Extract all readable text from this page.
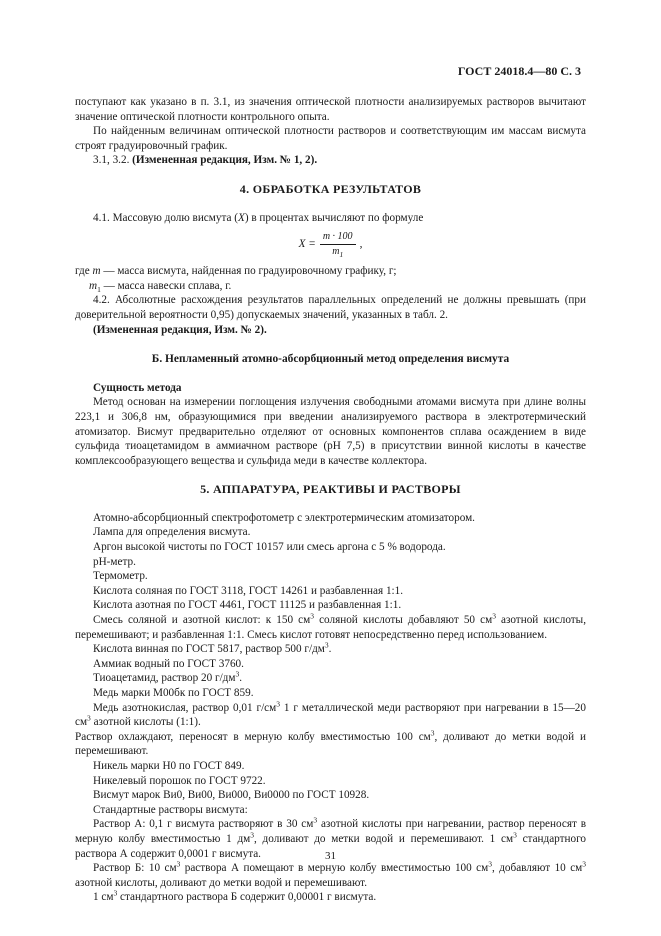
ГОСТ 24018.4—80 С. 3

поступают как указано в п. 3.1, из значения оптической плотности анализируемых растворов вычитают значение оптической плотности контрольного опыта.

По найденным величинам оптической плотности растворов и соответствующим им массам висмута строят градуировочный график.

3.1, 3.2. (Измененная редакция, Изм. № 1, 2).

4. ОБРАБОТКА РЕЗУЛЬТАТОВ

4.1. Массовую долю висмута (X) в процентах вычисляют по формуле

$X = \frac{m \cdot 100}{m_1}$ ,

где m — масса висмута, найденная по градуировочному графику, г;

$m_1$ — масса навески сплава, г.

4.2. Абсолютные расхождения результатов параллельных определений не должны превышать (при доверительной вероятности 0,95) допускаемых значений, указанных в табл. 2.

(Измененная редакция, Изм. № 2).

Б. Непламенный атомно-абсорбционный метод определения висмута

Сущность метода

Метод основан на измерении поглощения излучения свободными атомами висмута при длине волны 223,1 и 306,8 нм, образующимися при введении анализируемого раствора в электротермический атомизатор. Висмут предварительно отделяют от основных компонентов сплава осаждением в виде сульфида тиоацетамидом в аммиачном растворе (рН 7,5) в присутствии винной кислоты в качестве комплексообразующего вещества и сульфида меди в качестве коллектора.

5. АППАРАТУРА, РЕАКТИВЫ И РАСТВОРЫ

Атомно-абсорбционный спектрофотометр с электротермическим атомизатором.

Лампа для определения висмута.

Аргон высокой чистоты по ГОСТ 10157 или смесь аргона с 5 % водорода.

рН-метр.

Термометр.

Кислота соляная по ГОСТ 3118, ГОСТ 14261 и разбавленная 1:1.

Кислота азотная по ГОСТ 4461, ГОСТ 11125 и разбавленная 1:1.

Смесь соляной и азотной кислот: к 150 $см^3$ соляной кислоты добавляют 50 $см^3$ азотной кислоты, перемешивают; и разбавленная 1:1. Смесь кислот готовят непосредственно перед использованием.

Кислота винная по ГОСТ 5817, раствор 500 $г/дм^3$.

Аммиак водный по ГОСТ 3760.

Тиоацетамид, раствор 20 $г/дм^3$.

Медь марки М00бк по ГОСТ 859.

Медь азотнокислая, раствор 0,01 $г/см^3$ 1 г металлической меди растворяют при нагревании в 15—20 $см^3$ азотной кислоты (1:1).

Раствор охлаждают, переносят в мерную колбу вместимостью 100 $см^3$, доливают до метки водой и перемешивают.

Никель марки Н0 по ГОСТ 849.

Никелевый порошок по ГОСТ 9722.

Висмут марок Ви0, Ви00, Ви000, Ви0000 по ГОСТ 10928.

Стандартные растворы висмута:

Раствор А: 0,1 г висмута растворяют в 30 $см^3$ азотной кислоты при нагревании, раствор переносят в мерную колбу вместимостью 1 $дм^3$, доливают до метки водой и перемешивают. 1 $см^3$ стандартного раствора А содержит 0,0001 г висмута.

Раствор Б: 10 $см^3$ раствора А помещают в мерную колбу вместимостью 100 $см^3$, добавляют 10 $см^3$ азотной кислоты, доливают до метки водой и перемешивают.

1 $см^3$ стандартного раствора Б содержит 0,00001 г висмута.

31
